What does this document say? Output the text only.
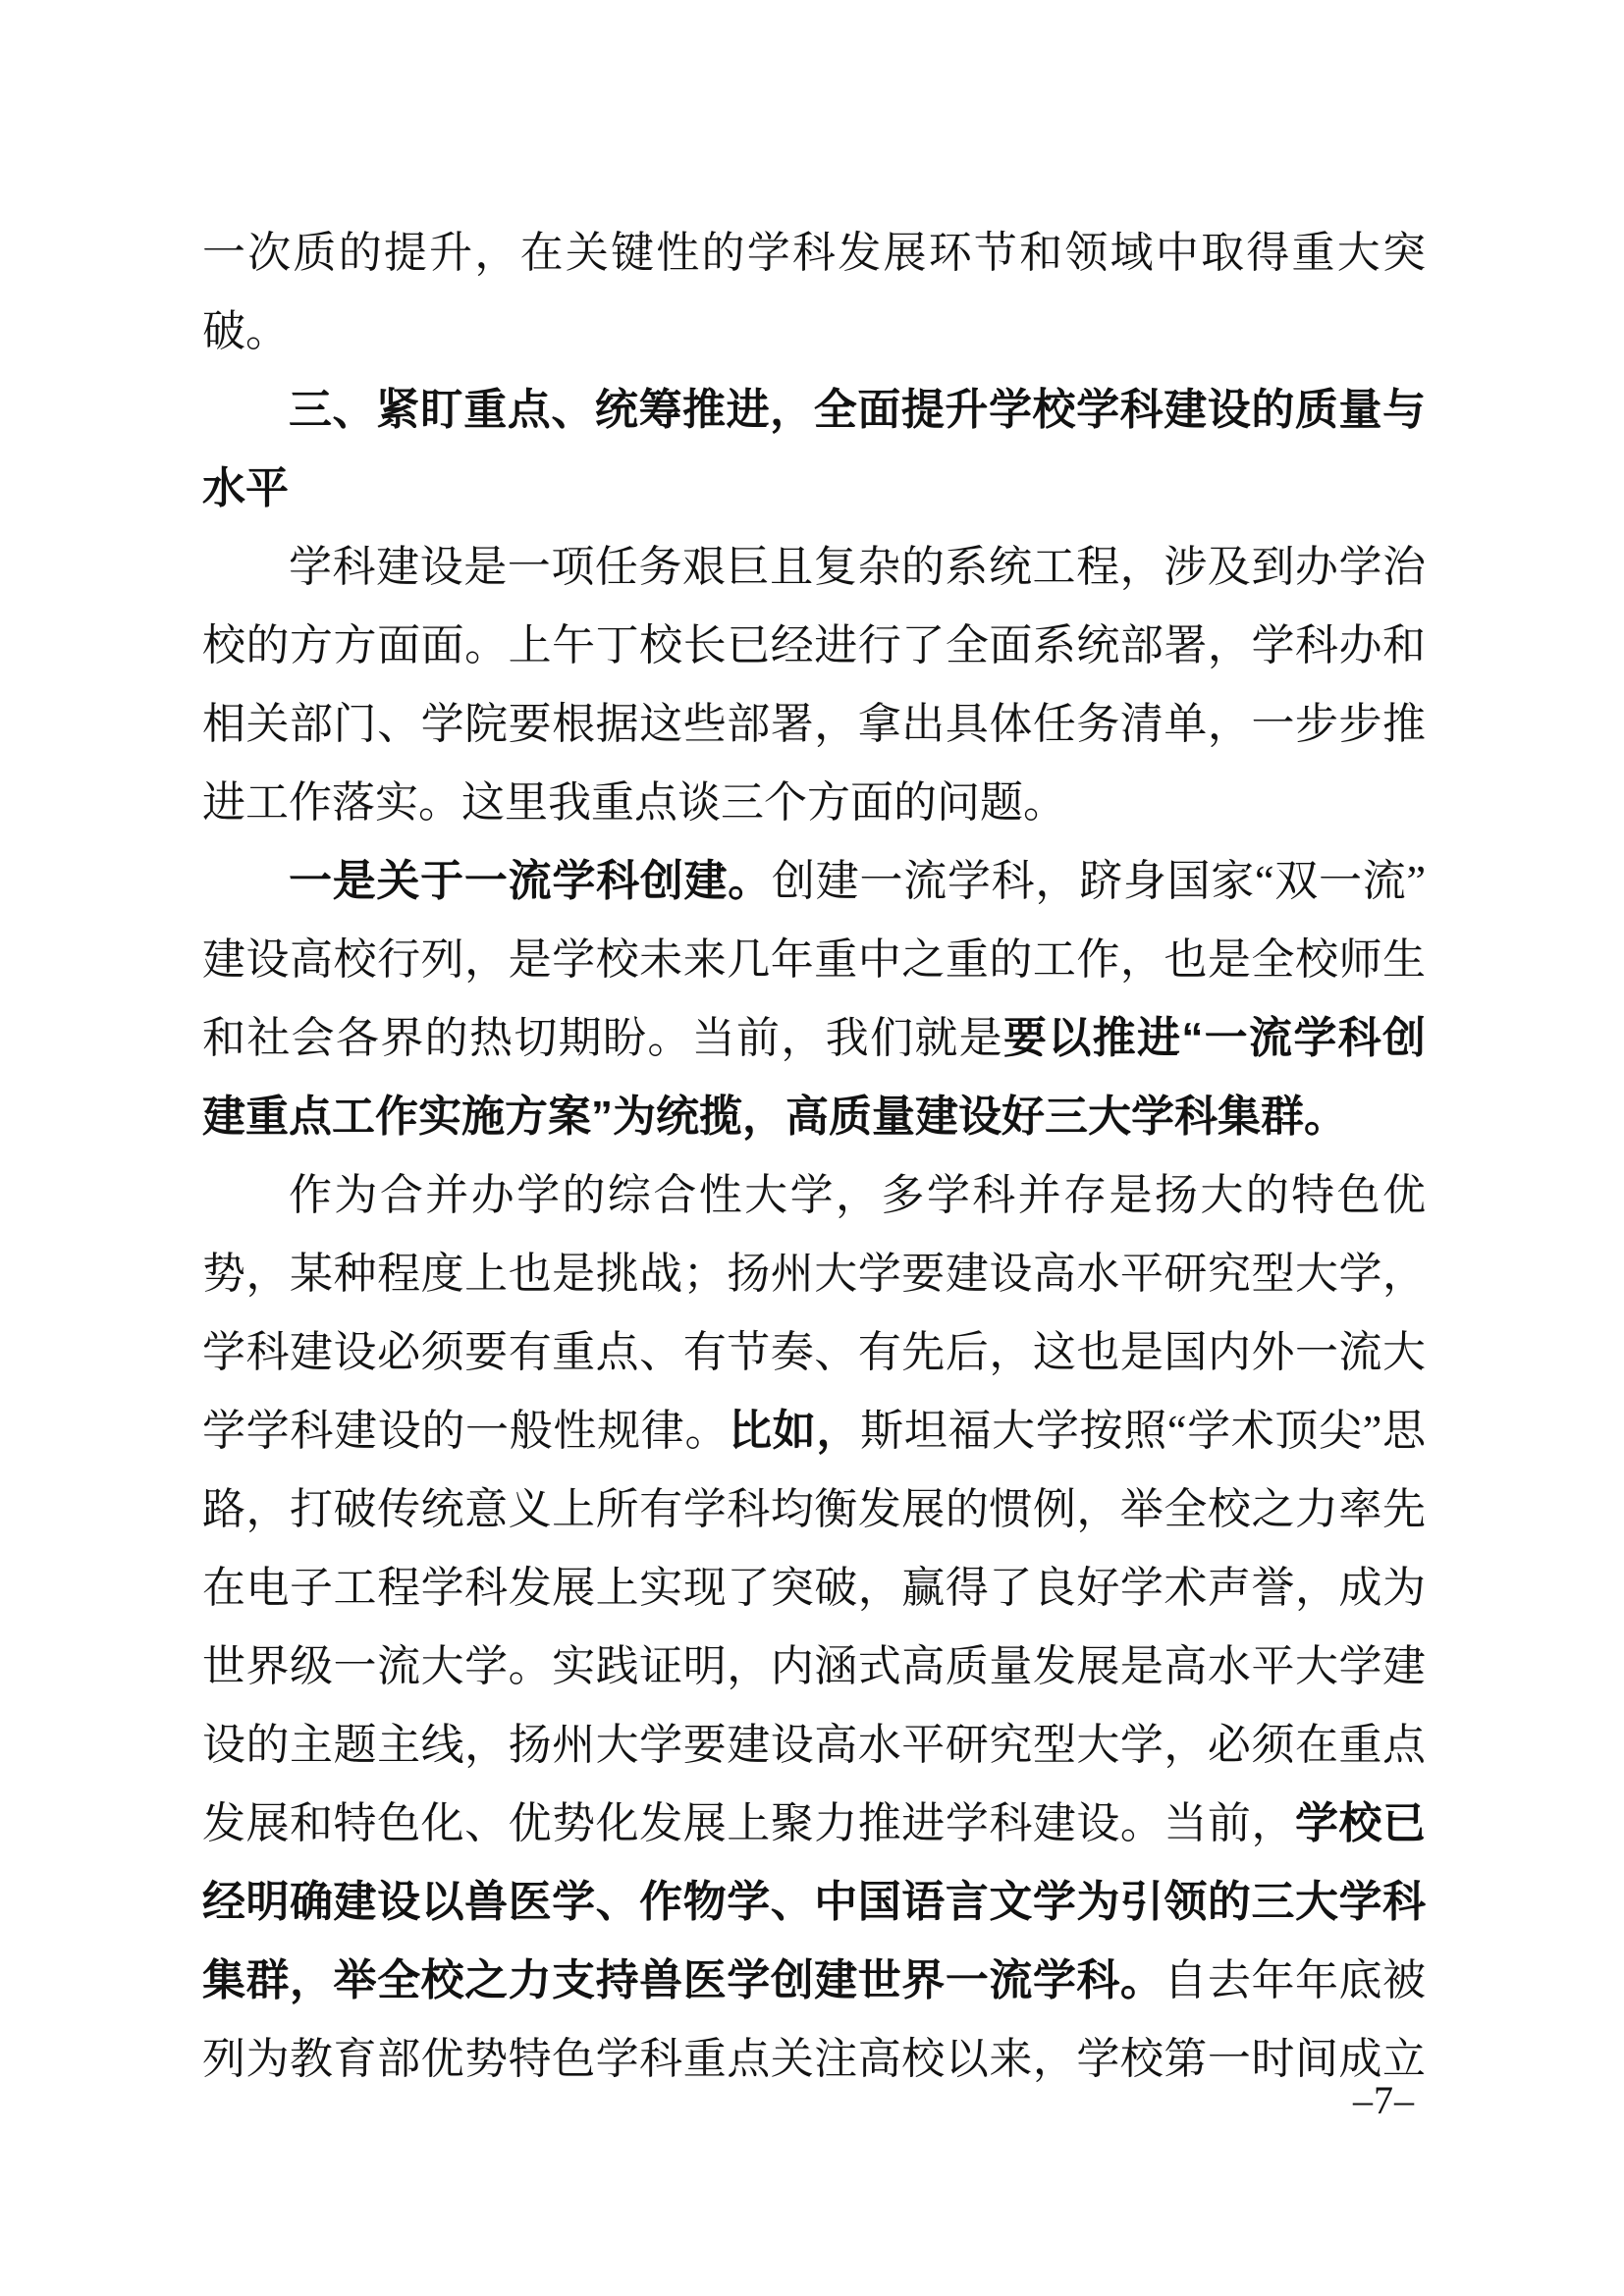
一次质的提升，在关键性的学科发展环节和领域中取得重大突
破。
三、紧盯重点、统筹推进，全面提升学校学科建设的质量与
水平
学科建设是一项任务艰巨且复杂的系统工程，涉及到办学治
校的方方面面。上午丁校长已经进行了全面系统部署，学科办和
相关部门、学院要根据这些部署，拿出具体任务清单，一步步推
进工作落实。这里我重点谈三个方面的问题。
一是关于一流学科创建。创建一流学科，跻身国家“双一流”
建设高校行列，是学校未来几年重中之重的工作，也是全校师生
和社会各界的热切期盼。当前，我们就是要以推进“一流学科创
建重点工作实施方案”为统揽，高质量建设好三大学科集群。
作为合并办学的综合性大学，多学科并存是扬大的特色优
势，某种程度上也是挑战；扬州大学要建设高水平研究型大学，
学科建设必须要有重点、有节奏、有先后，这也是国内外一流大
学学科建设的一般性规律。比如，斯坦福大学按照“学术顶尖”思
路，打破传统意义上所有学科均衡发展的惯例，举全校之力率先
在电子工程学科发展上实现了突破，赢得了良好学术声誉，成为
世界级一流大学。实践证明，内涵式高质量发展是高水平大学建
设的主题主线，扬州大学要建设高水平研究型大学，必须在重点
发展和特色化、优势化发展上聚力推进学科建设。当前，学校已
经明确建设以兽医学、作物学、中国语言文学为引领的三大学科
集群，举全校之力支持兽医学创建世界一流学科。自去年年底被
列为教育部优势特色学科重点关注高校以来，学校第一时间成立
–7–
